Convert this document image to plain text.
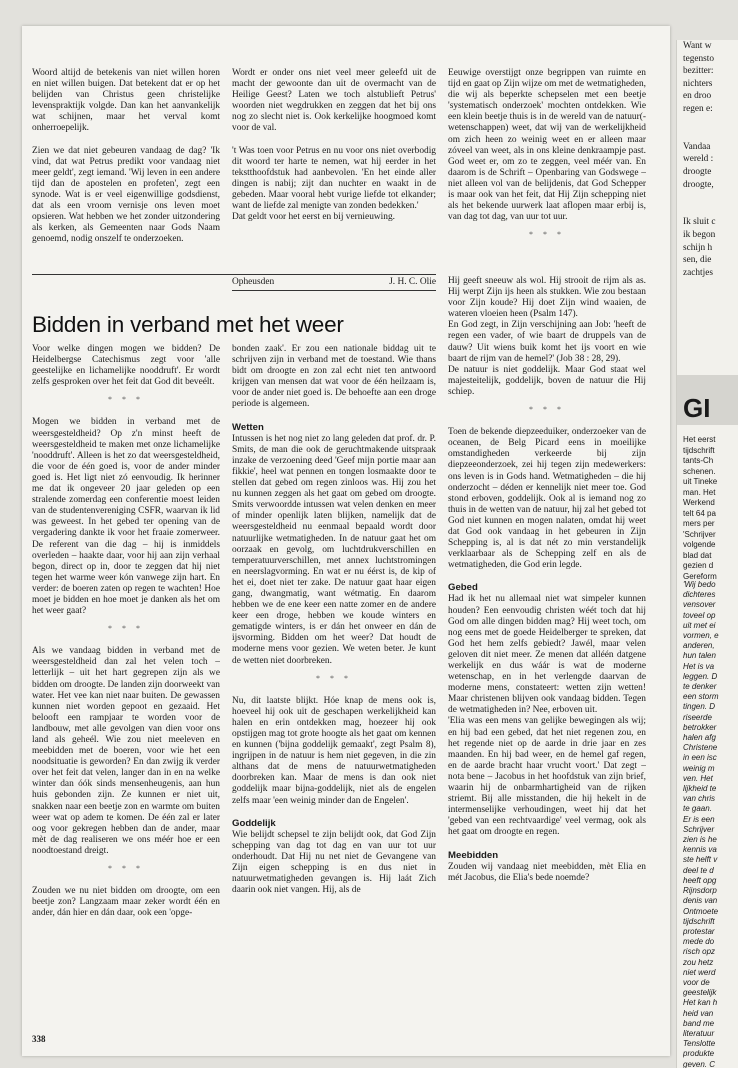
Woord altijd de betekenis van niet willen horen en niet willen buigen. Dat betekent dat er op het belijden van Christus geen christelijke levenspraktijk volgde. Dan kan het aanvankelijk wat schijnen, maar het verval komt onherroepelijk.

Zien we dat niet gebeuren vandaag de dag? 'Ik vind, dat wat Petrus predikt voor vandaag niet meer geldt', zegt iemand. 'Wij leven in een andere tijd dan de apostelen en profeten', zegt een synode. Wat is er veel eigenwillige godsdienst, dat als een vroom vernisje ons leven moet opsieren. Wat hebben we het zonder uitzondering als kerken, als Gemeenten naar Gods Naam genoemd, nodig onszelf te onderzoeken.

Wordt er onder ons niet veel meer geleefd uit de macht der gewoonte dan uit de overmacht van de Heilige Geest? Laten we toch alstublieft Petrus' woorden niet wegdrukken en zeggen dat het bij ons nog zo slecht niet is. Ook kerkelijke hoogmoed komt voor de val.

't Was toen voor Petrus en nu voor ons niet overbodig dit woord ter harte te nemen, wat hij eerder in het tekstthoofdstuk had aanbevolen. 'En het einde aller dingen is nabij; zijt dan nuchter en waakt in de gebeden. Maar vooral hebt vurige liefde tot elkander; want de liefde zal menigte van zonden bedekken.'

Dat geldt voor het eerst en bij vernieuwing.

Opheusden	J. H. C. Olie

Eeuwige overstijgt onze begrippen van ruimte en tijd en gaat op Zijn wijze om met de wetmatigheden, die wij als beperkte schepselen met een beetje 'systematisch onderzoek' mochten ontdekken. Wie een klein beetje thuis is in de wereld van de natuur(-wetenschappen) weet, dat wij van de werkelijkheid om zich heen zo weinig weet en er alleen maar zóveel van weet, als in ons kleine denkraampje past. God weet er, om zo te zeggen, veel méér van. En daarom is de Schrift – Openbaring van Godswege – niet alleen vol van de belijdenis, dat God Schepper is maar ook van het feit, dat Hij Zijn schepping niet als het bekende uurwerk laat aflopen maar erbij is, van dag tot dag, van uur tot uur.

* * *
Bidden in verband met het weer

Voor welke dingen mogen we bidden? De Heidelbergse Catechismus zegt voor 'alle geestelijke en lichamelijke nooddruft'. Er wordt zelfs gesproken over het feit dat God dit beveélt.

* * *

Mogen we bidden in verband met de weersgesteldheid? Op z'n minst heeft de weersgesteldheid te maken met onze lichamelijke 'nooddruft'. Alleen is het zo dat weersgesteldheid, die voor de één goed is, voor de ander minder goed is. Het ligt niet zó eenvoudig. Ik herinner me dat ik ongeveer 20 jaar geleden op een stralende zomerdag een conferentie moest leiden van de studentenvereniging CSFR, waarvan ik lid was geweest. In het gebed ter opening van de vergadering dankte ik voor het fraaie zomerweer. De referent van die dag – hij is inmiddels overleden – haakte daar, voor hij aan zijn verhaal begon, direct op in, door te zeggen dat hij niet tegen het warme weer kón vanwege zijn hart. En verder: de boeren zaten op regen te wachten! Hoe moet je bidden en hoe moet je danken als het om het weer gaat?

* * *

Als we vandaag bidden in verband met de weersgesteldheid dan zal het velen toch – letterlijk – uit het hart gegrepen zijn als we bidden om droogte. De landen zijn doorweekt van water. Het vee kan niet naar buiten. De gewassen kunnen niet worden gepoot en gezaaid. Het belooft een rampjaar te worden voor de landbouw, met alle gevolgen van dien voor ons land als geheél. Wie zou niet meeleven en meebidden met de boeren, voor wie het een noodsituatie is geworden? En dan zwijg ik verder over het feit dat velen, langer dan in en na welke winter dan óók sinds mensenheugenis, aan hun huis gebonden zijn. Ze kunnen er niet uit, snakken naar een beetje zon en warmte om buiten weer wat op adem te komen. De één zal er later oog voor gekregen hebben dan de ander, maar mèt de dag realiseren we ons méér hoe er een noodtoestand dreigt.

* * *

Zouden we nu niet bidden om droogte, om een beetje zon? Langzaam maar zeker wordt één en ander, dán hier en dán daar, ook een 'opge-

bonden zaak'. Er zou een nationale biddag uit te schrijven zijn in verband met de toestand. Wie thans bidt om droogte en zon zal echt niet ten antwoord krijgen van mensen dat wat voor de één heilzaam is, voor de ander niet goed is. De behoefte aan een droge periode is algemeen.

Wetten

Intussen is het nog niet zo lang geleden dat prof. dr. P. Smits, de man die ook de geruchtmakende uitspraak inzake de verzoening deed 'Geef mijn portie maar aan fikkie', heel wat pennen en tongen losmaakte door te stellen dat gebed om regen zinloos was. Hij zou het nu kunnen zeggen als het gaat om gebed om droogte. Smits verwoordde intussen wat velen denken en meer of minder openlijk laten blijken, namelijk dat de weersgesteldheid nu eenmaal bepaald wordt door natuurlijke wetmatigheden. In de natuur gaat het om oorzaak en gevolg, om luchtdrukverschillen en temperatuurverschillen, met annex luchtstromingen en neerslagvorming. En wat er nu éérst is, de kip of het ei, doet niet ter zake. De natuur gaat haar eigen gang, dwangmatig, want wétmatig. En daarom hebben we de ene keer een natte zomer en de andere keer een droge, hebben we koude winters en gematigde winters, is er dán het onweer en dán de ijsvorming. Bidden om het weer? Dat houdt de moderne mens voor gezien. We weten beter. Je kunt de wetten niet doorbreken.

* * *

Nu, dit laatste blijkt. Hóe knap de mens ook is, hoeveel hij ook uit de geschapen werkelijkheid kan halen en erin ontdekken mag, hoezeer hij ook opstijgen mag tot grote hoogte als het gaat om kennen en kunnen ('bijna goddelijk gemaakt', zegt Psalm 8), ingrijpen in de natuur is hem niet gegeven, in die zin althans dat de mens de natuurwetmatigheden doorbreken kan. Maar de mens is dan ook niet goddelijk maar bijna-goddelijk, niet als de engelen zelfs maar 'een weinig minder dan de Engelen'.

Goddelijk

Wie belijdt schepsel te zijn belijdt ook, dat God Zijn schepping van dag tot dag en van uur tot uur onderhoudt. Dat Hij nu net niet de Gevangene van Zijn eigen schepping is en dus niet in natuurwetmatigheden gevangen is. Hij laát Zich daarin ook niet vangen. Hij, als de

Hij geeft sneeuw als wol. Hij strooit de rijm als as. Hij werpt Zijn ijs heen als stukken. Wie zou bestaan voor Zijn koude? Hij doet Zijn wind waaien, de wateren vloeien heen (Psalm 147).

En God zegt, in Zijn verschijning aan Job: 'heeft de regen een vader, of wie baart de druppels van de dauw? Uit wiens buik komt het ijs voort en wie baart de rijm van de hemel?' (Job 38 : 28, 29).

De natuur is niet goddelijk. Maar God staat wel majesteitelijk, goddelijk, boven de natuur die Hij schiep.

* * *

Toen de bekende diepzeeduiker, onderzoeker van de oceanen, de Belg Picard eens in moeilijke omstandigheden verkeerde bij zijn diepzeeonderzoek, zei hij tegen zijn medewerkers: ons leven is in Gods hand. Wetmatigheden – die hij onderzocht – déden er kennelijk niet meer toe. God stond erboven, goddelijk. Ook al is iemand nog zo thuis in de wetten van de natuur, hij zal het gebed tot God niet kunnen en mogen nalaten, omdat hij weet dat God ook vandaag in het gebeuren in Zijn Schepping is, al is dat nét zo min verstandelijk verklaarbaar als de Schepping zelf en als de wetmatigheden, die God erin legde.

Gebed

Had ik het nu allemaal niet wat simpeler kunnen houden? Een eenvoudig christen wéét toch dat hij God om alle dingen bidden mag? Hij weet toch, om nog eens met de goede Heidelberger te spreken, dat God het hem zelfs gebiedt? Jawél, maar velen geloven dit niet meer. Ze menen dat alléén datgene werkelijk en dus wáár is wat de moderne wetenschap, en in het verlengde daarvan de moderne mens, constateert: wetten zijn wetten! Maar christenen blijven ook vandaag bidden. Tegen de wetmatigheden in? Nee, erboven uit.

'Elia was een mens van gelijke bewegingen als wij; en hij bad een gebed, dat het niet regenen zou, en het regende niet op de aarde in drie jaar en zes maanden. En hij bad weer, en de hemel gaf regen, en de aarde bracht haar vrucht voort.' Dat zegt – nota bene – Jacobus in het hoofdstuk van zijn brief, waarin hij de onbarmhartigheid van de rijken striemt. Bij alle misstanden, die hij hekelt in de intermenselijke verhoudingen, weet hij dat het 'gebed van een rechtvaardige' veel vermag, ook als het gaat om droogte en regen.

Meebidden

Zouden wij vandaag niet meebidden, mèt Elia en mét Jacobus, die Elia's bede noemde?

338
Want w
tegensto
bezitter:
nichters
en droo
regen e:

Vandaa
wereld :
droogte
droogte,

Ik sluit c
ik begon
schijn h
sen, die
zachtjes
GI
Het eerst
tijdschrift
tants-Ch
schenen.
uit Tineke
man. Het
Werkend
telt 64 pa
mers per
'Schrijver
volgende
blad dat
gezien d
Gereform
'Wij bedo
dichteres
vensover
toveel op
uit met ei
vormen, e
anderen,
hun talen
Het is va
leggen. D
te denker
een storm
tingen. D
riseerde
betrokker
halen afg
Christene
in een isc
weinig m
ven. Het
lijkheid te
van chris
te gaan.
Er is een
Schrijver
zien is he
kennis va
ste helft v
deel te d
heeft opg
Rijnsdorp
denis van
Ontmoete
tijdschrift
protestar
mede do
risch opz
zou hetz
niet werd
voor de
geestelijk
Het kan h
heid van
band me
literatuur
Tenslotte
produkte
geven. C
